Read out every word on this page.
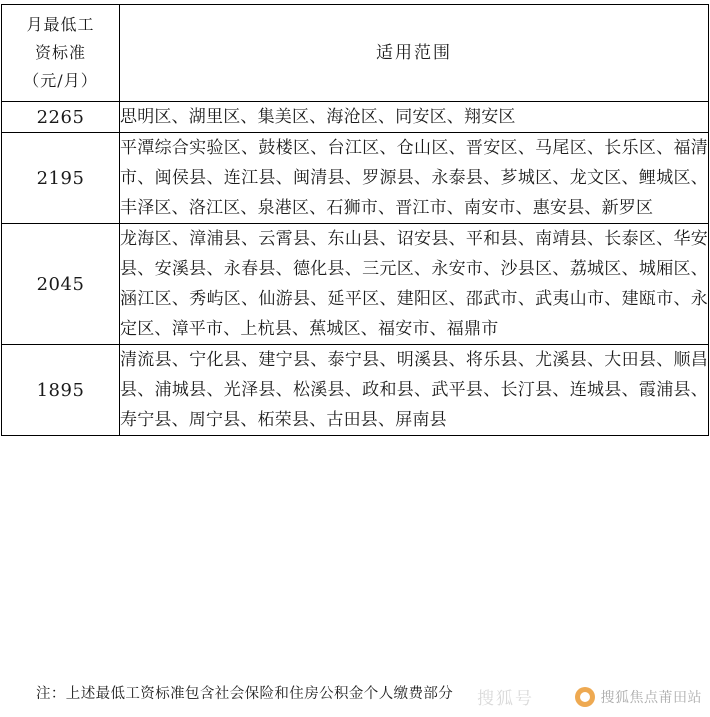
月最低工
资标准
（元/月）	适用范围

2265	思明区、湖里区、集美区、海沧区、同安区、翔安区

2195	平潭综合实验区、鼓楼区、台江区、仓山区、晋安区、马尾区、长乐区、福清市、闽侯县、连江县、闽清县、罗源县、永泰县、芗城区、龙文区、鲤城区、丰泽区、洛江区、泉港区、石狮市、晋江市、南安市、惠安县、新罗区

2045	龙海区、漳浦县、云霄县、东山县、诏安县、平和县、南靖县、长泰区、华安县、安溪县、永春县、德化县、三元区、永安市、沙县区、荔城区、城厢区、涵江区、秀屿区、仙游县、延平区、建阳区、邵武市、武夷山市、建瓯市、永定区、漳平市、上杭县、蕉城区、福安市、福鼎市

1895	清流县、宁化县、建宁县、泰宁县、明溪县、将乐县、尤溪县、大田县、顺昌县、浦城县、光泽县、松溪县、政和县、武平县、长汀县、连城县、霞浦县、寿宁县、周宁县、柘荣县、古田县、屏南县
注：上述最低工资标准包含社会保险和住房公积金个人缴费部分 搜狐号	搜狐焦点莆田站
